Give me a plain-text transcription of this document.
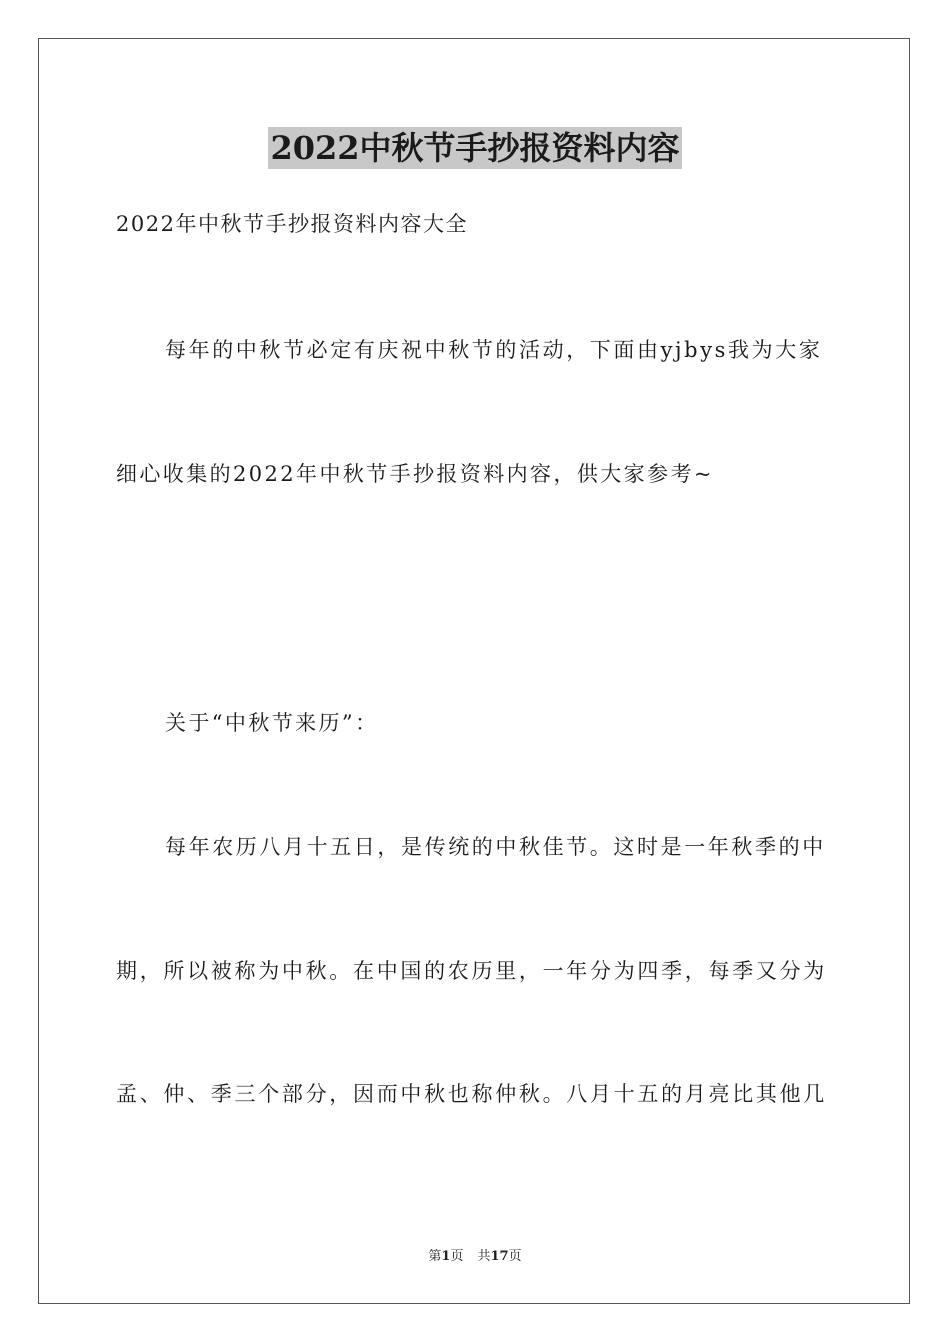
2022中秋节手抄报资料内容
2022年中秋节手抄报资料内容大全
每年的中秋节必定有庆祝中秋节的活动，下面由yjbys我为大家
细心收集的2022年中秋节手抄报资料内容，供大家参考~
关于“中秋节来历”：
每年农历八月十五日，是传统的中秋佳节。这时是一年秋季的中
期，所以被称为中秋。在中国的农历里，一年分为四季，每季又分为
孟、仲、季三个部分，因而中秋也称仲秋。八月十五的月亮比其他几
第1页 共17页
